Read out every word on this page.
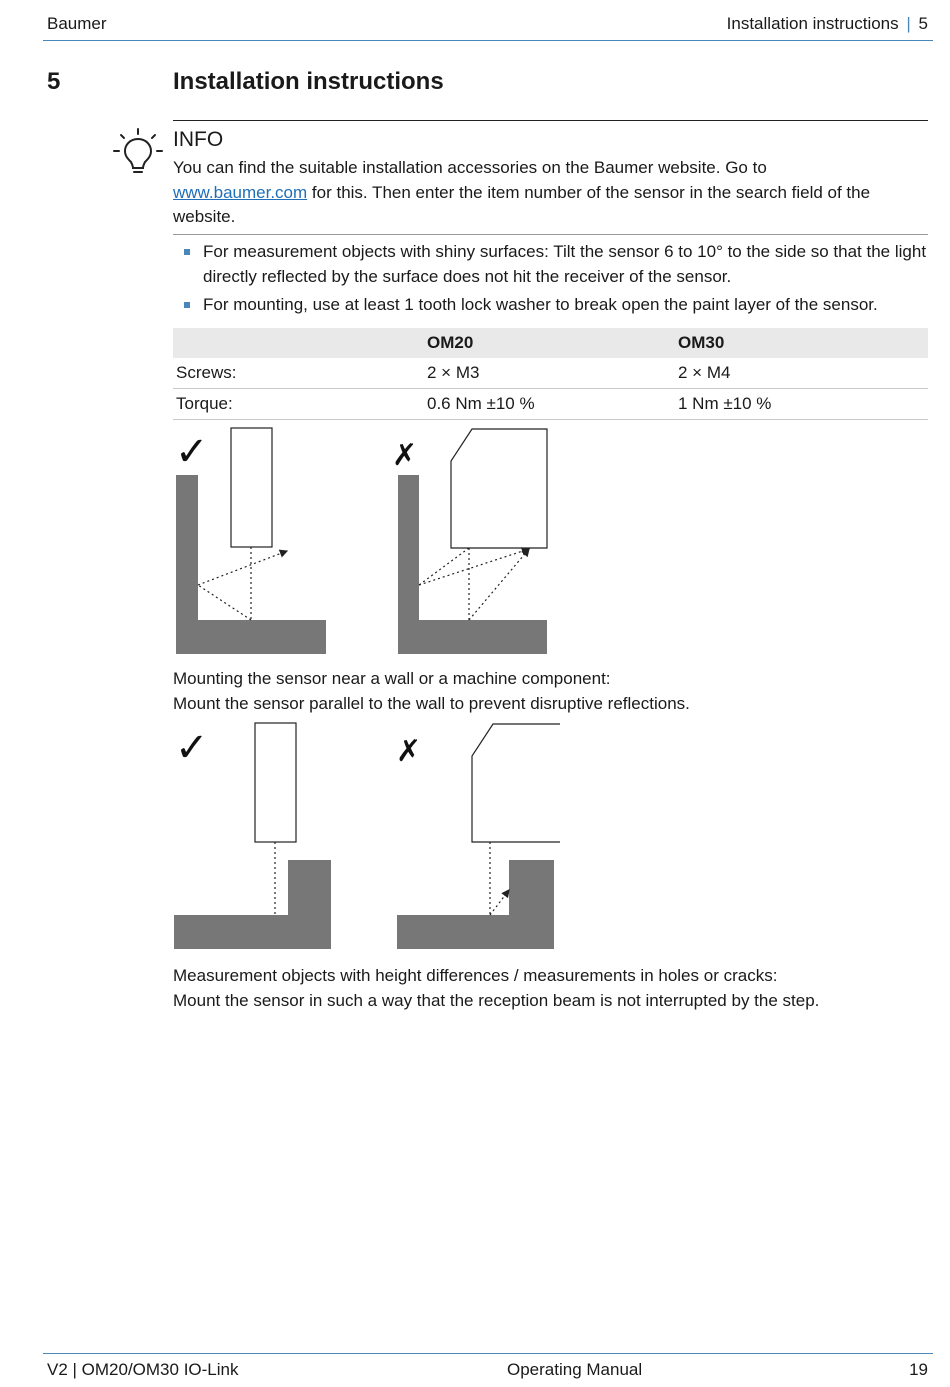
Baumer	Installation instructions | 5
5	Installation instructions
INFO
You can find the suitable installation accessories on the Baumer website. Go to
www.baumer.com for this. Then enter the item number of the sensor in the search field of the website.
For measurement objects with shiny surfaces: Tilt the sensor 6 to 10° to the side so that the light directly reflected by the surface does not hit the receiver of the sensor.
For mounting, use at least 1 tooth lock washer to break open the paint layer of the sensor.
	OM20	OM30
Screws:	2 × M3	2 × M4
Torque:	0.6 Nm ±10 %	1 Nm ±10 %
✓	✗
Mounting the sensor near a wall or a machine component:
Mount the sensor parallel to the wall to prevent disruptive reflections.
✓	✗
Measurement objects with height differences / measurements in holes or cracks:
Mount the sensor in such a way that the reception beam is not interrupted by the step.
V2 | OM20/OM30 IO-Link	Operating Manual	19
